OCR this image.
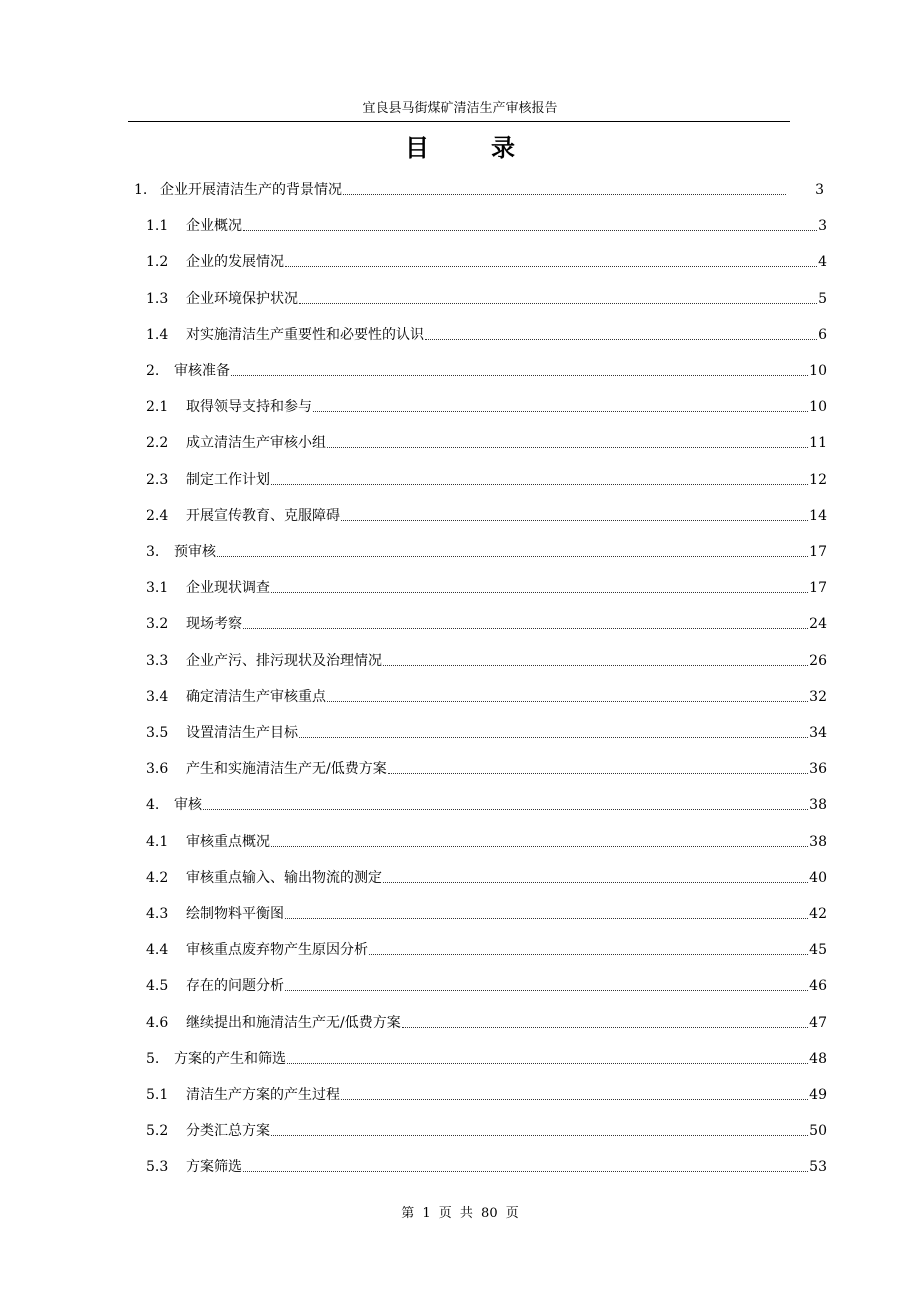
宜良县马街煤矿清洁生产审核报告
目录
1. 企业开展清洁生产的背景情况	3
1.1	企业概况	3
1.2	企业的发展情况	4
1.3	企业环境保护状况	5
1.4	对实施清洁生产重要性和必要性的认识	6
2.	审核准备	10
2.1	取得领导支持和参与	10
2.2	成立清洁生产审核小组	11
2.3	制定工作计划	12
2.4	开展宣传教育、克服障碍	14
3.	预审核	17
3.1	企业现状调查	17
3.2	现场考察	24
3.3	企业产污、排污现状及治理情况	26
3.4	确定清洁生产审核重点	32
3.5	设置清洁生产目标	34
3.6	产生和实施清洁生产无/低费方案	36
4.	审核	38
4.1	审核重点概况	38
4.2	审核重点输入、输出物流的测定	40
4.3	绘制物料平衡图	42
4.4	审核重点废弃物产生原因分析	45
4.5	存在的问题分析	46
4.6	继续提出和施清洁生产无/低费方案	47
5.	方案的产生和筛选	48
5.1	清洁生产方案的产生过程	49
5.2	分类汇总方案	50
5.3	方案筛选	53
第 1 页 共 80 页
